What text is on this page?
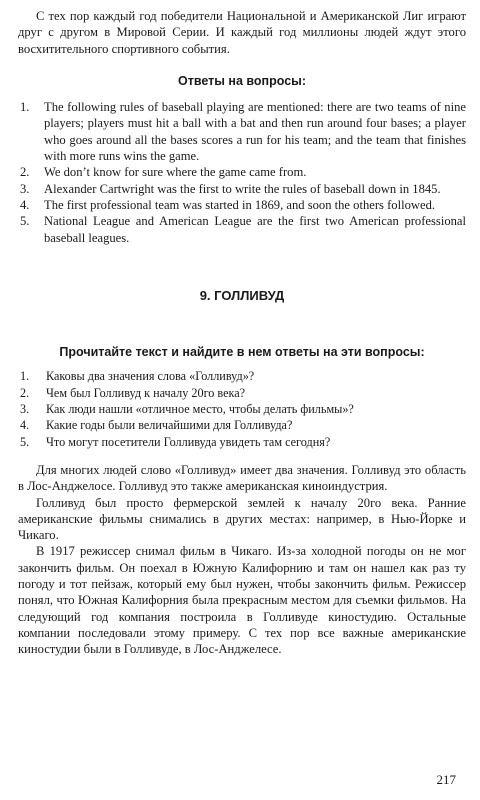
С тех пор каждый год победители Национальной и Американской Лиг играют друг с другом в Мировой Серии. И каждый год миллионы людей ждут этого восхитительного спортивного события.

Ответы на вопросы:
1. The following rules of baseball playing are mentioned: there are two teams of nine players; players must hit a ball with a bat and then run around four bases; a player who goes around all the bases scores a run for his team; and the team that finishes with more runs wins the game.
2. We don’t know for sure where the game came from.
3. Alexander Cartwright was the first to write the rules of baseball down in 1845.
4. The first professional team was started in 1869, and soon the others followed.
5. National League and American League are the first two American professional baseball leagues.
9. ГОЛЛИВУД
Прочитайте текст и найдите в нем ответы на эти вопросы:
1. Каковы два значения слова «Голливуд»?
2. Чем был Голливуд к началу 20го века?
3. Как люди нашли «отличное место, чтобы делать фильмы»?
4. Какие годы были величайшими для Голливуда?
5. Что могут посетители Голливуда увидеть там сегодня?

Для многих людей слово «Голливуд» имеет два значения. Голливуд это область в Лос-Анджелосе. Голливуд это также американская киноиндустрия.

Голливуд был просто фермерской землей к началу 20го века. Ранние американские фильмы снимались в других местах: например, в Нью-Йорке и Чикаго.

В 1917 режиссер снимал фильм в Чикаго. Из-за холодной погоды он не мог закончить фильм. Он поехал в Южную Калифорнию и там он нашел как раз ту погоду и тот пейзаж, который ему был нужен, чтобы закончить фильм. Режиссер понял, что Южная Калифорния была прекрасным местом для съемки фильмов. На следующий год компания построила в Голливуде киностудию. Остальные компании последовали этому примеру. С тех пор все важные американские киностудии были в Голливуде, в Лос-Анджелесе.

217
